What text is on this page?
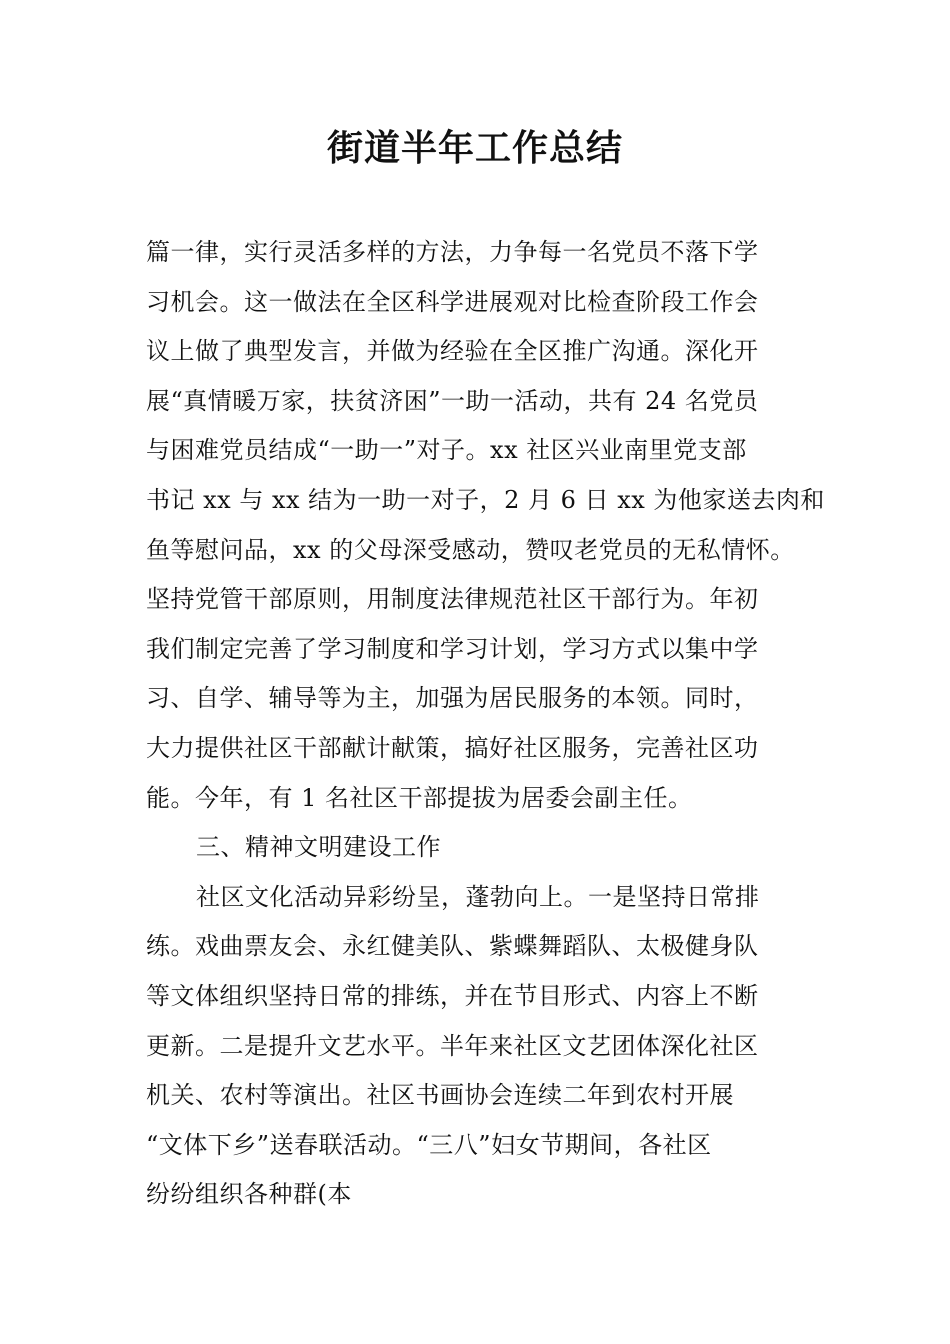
街道半年工作总结
篇一律，实行灵活多样的方法，力争每一名党员不落下学
习机会。这一做法在全区科学进展观对比检查阶段工作会
议上做了典型发言，并做为经验在全区推广沟通。深化开
展“真情暖万家，扶贫济困”一助一活动，共有 24 名党员
与困难党员结成“一助一”对子。xx 社区兴业南里党支部
书记 xx 与 xx 结为一助一对子，2 月 6 日 xx 为他家送去肉和
鱼等慰问品，xx 的父母深受感动，赞叹老党员的无私情怀。
坚持党管干部原则，用制度法律规范社区干部行为。年初
我们制定完善了学习制度和学习计划，学习方式以集中学
习、自学、辅导等为主，加强为居民服务的本领。同时，
大力提供社区干部献计献策，搞好社区服务，完善社区功
能。今年，有 1 名社区干部提拔为居委会副主任。
三、精神文明建设工作
社区文化活动异彩纷呈，蓬勃向上。一是坚持日常排
练。戏曲票友会、永红健美队、紫蝶舞蹈队、太极健身队
等文体组织坚持日常的排练，并在节目形式、内容上不断
更新。二是提升文艺水平。半年来社区文艺团体深化社区
机关、农村等演出。社区书画协会连续二年到农村开展
“文体下乡”送春联活动。“三八”妇女节期间，各社区
纷纷组织各种群(本
